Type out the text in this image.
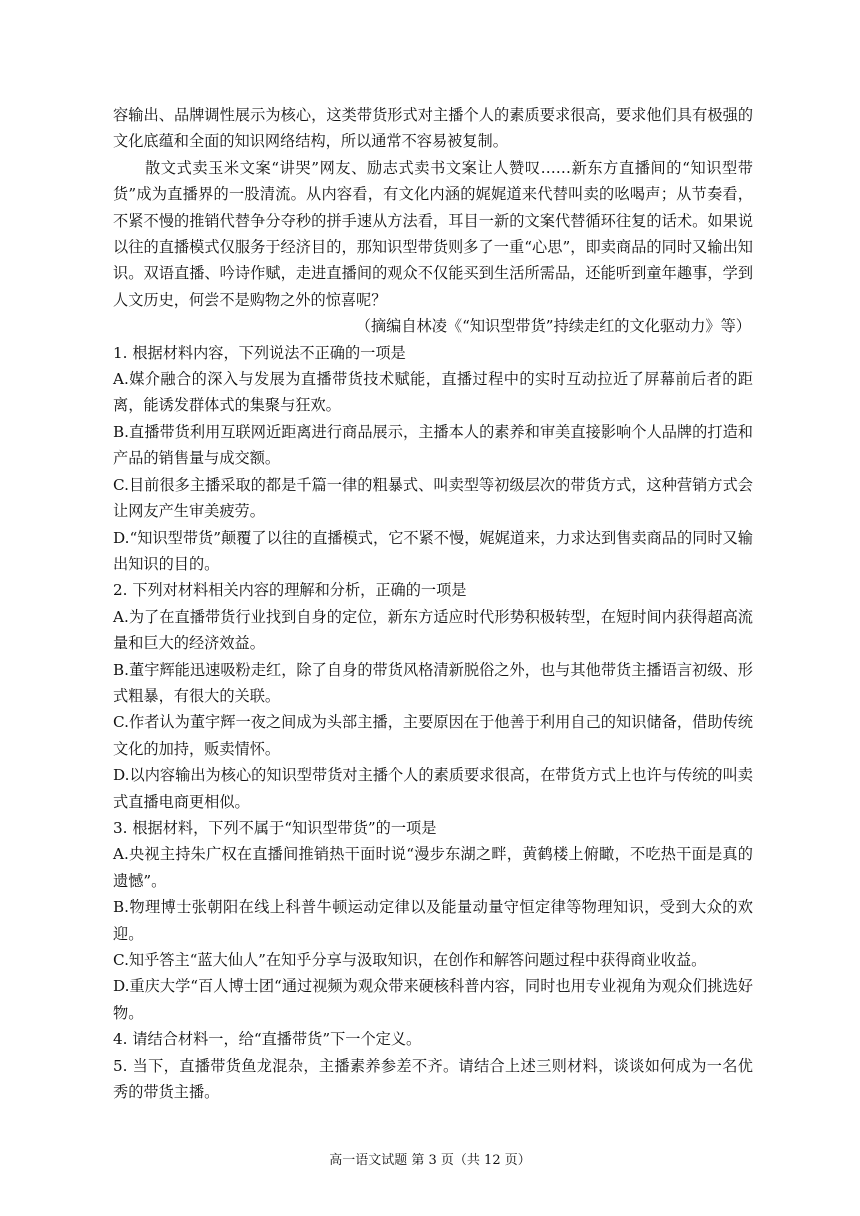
容输出、品牌调性展示为核心，这类带货形式对主播个人的素质要求很高，要求他们具有极强的文化底蕴和全面的知识网络结构，所以通常不容易被复制。

散文式卖玉米文案“讲哭”网友、励志式卖书文案让人赞叹……新东方直播间的“知识型带货”成为直播界的一股清流。从内容看，有文化内涵的娓娓道来代替叫卖的吆喝声；从节奏看，不紧不慢的推销代替争分夺秒的拼手速从方法看，耳目一新的文案代替循环往复的话术。如果说以往的直播模式仅服务于经济目的，那知识型带货则多了一重“心思”，即卖商品的同时又输出知识。双语直播、吟诗作赋，走进直播间的观众不仅能买到生活所需品，还能听到童年趣事，学到人文历史，何尝不是购物之外的惊喜呢？

（摘编自林凌《“知识型带货”持续走红的文化驱动力》等）

1. 根据材料内容，下列说法不正确的一项是

A.媒介融合的深入与发展为直播带货技术赋能，直播过程中的实时互动拉近了屏幕前后者的距离，能诱发群体式的集聚与狂欢。

B.直播带货利用互联网近距离进行商品展示，主播本人的素养和审美直接影响个人品牌的打造和产品的销售量与成交额。

C.目前很多主播采取的都是千篇一律的粗暴式、叫卖型等初级层次的带货方式，这种营销方式会让网友产生审美疲劳。

D.“知识型带货”颠覆了以往的直播模式，它不紧不慢，娓娓道来，力求达到售卖商品的同时又输出知识的目的。

2. 下列对材料相关内容的理解和分析，正确的一项是

A.为了在直播带货行业找到自身的定位，新东方适应时代形势积极转型，在短时间内获得超高流量和巨大的经济效益。

B.董宇辉能迅速吸粉走红，除了自身的带货风格清新脱俗之外，也与其他带货主播语言初级、形式粗暴，有很大的关联。

C.作者认为董宇辉一夜之间成为头部主播，主要原因在于他善于利用自己的知识储备，借助传统文化的加持，贩卖情怀。

D.以内容输出为核心的知识型带货对主播个人的素质要求很高，在带货方式上也许与传统的叫卖式直播电商更相似。

3. 根据材料，下列不属于“知识型带货”的一项是

A.央视主持朱广权在直播间推销热干面时说“漫步东湖之畔，黄鹤楼上俯瞰，不吃热干面是真的遗憾”。

B.物理博士张朝阳在线上科普牛顿运动定律以及能量动量守恒定律等物理知识，受到大众的欢迎。

C.知乎答主“蓝大仙人”在知乎分享与汲取知识，在创作和解答问题过程中获得商业收益。

D.重庆大学“百人博士团“通过视频为观众带来硬核科普内容，同时也用专业视角为观众们挑选好物。

4. 请结合材料一，给“直播带货”下一个定义。

5. 当下，直播带货鱼龙混杂，主播素养参差不齐。请结合上述三则材料，谈谈如何成为一名优秀的带货主播。

高一语文试题 第 3 页（共 12 页）
